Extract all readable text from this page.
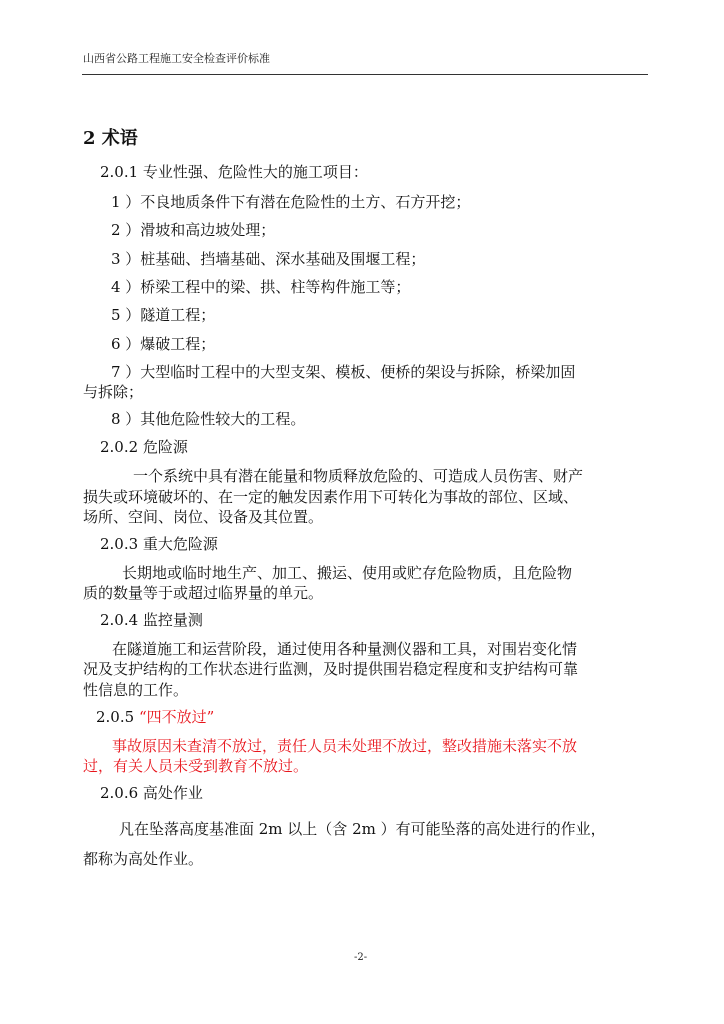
山西省公路工程施工安全检查评价标准
2 术语
2.0.1 专业性强、危险性大的施工项目：
1 ）不良地质条件下有潜在危险性的土方、石方开挖；
2 ）滑坡和高边坡处理；
3 ）桩基础、挡墙基础、深水基础及围堰工程；
4 ）桥梁工程中的梁、拱、柱等构件施工等；
5 ）隧道工程；
6 ）爆破工程；
7 ）大型临时工程中的大型支架、模板、便桥的架设与拆除，桥梁加固
与拆除；
8 ）其他危险性较大的工程。
2.0.2 危险源
一个系统中具有潜在能量和物质释放危险的、可造成人员伤害、财产
损失或环境破坏的、在一定的触发因素作用下可转化为事故的部位、区域、
场所、空间、岗位、设备及其位置。
2.0.3 重大危险源
长期地或临时地生产、加工、搬运、使用或贮存危险物质，且危险物
质的数量等于或超过临界量的单元。
2.0.4 监控量测
在隧道施工和运营阶段，通过使用各种量测仪器和工具，对围岩变化情
况及支护结构的工作状态进行监测，及时提供围岩稳定程度和支护结构可靠
性信息的工作。
2.0.5 “四不放过”
事故原因未查清不放过，责任人员未处理不放过，整改措施未落实不放
过，有关人员未受到教育不放过。
2.0.6 高处作业
凡在坠落高度基准面 2m 以上（含 2m ）有可能坠落的高处进行的作业，
都称为高处作业。
-2-
